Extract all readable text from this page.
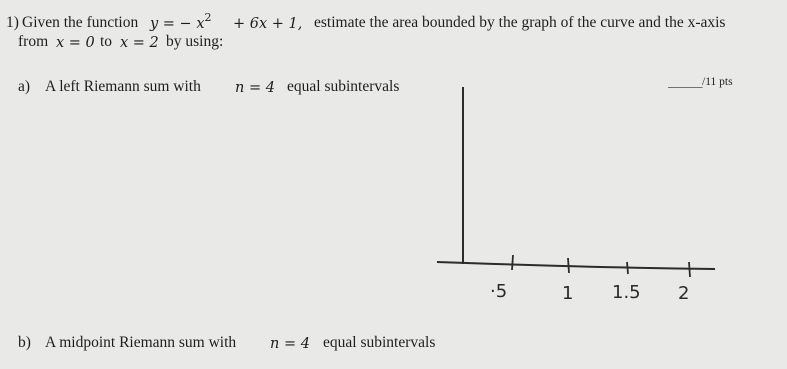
1) Given the function y = − $x^2 + 6x + 1$, estimate the area bounded by the graph of the curve and the x-axis
from x = 0 to x = 2 by using:
a) A left Riemann sum with n = 4 equal subintervals	______ /11 pts
·5	1 1.5 2
b) A midpoint Riemann sum with n = 4 equal subintervals
